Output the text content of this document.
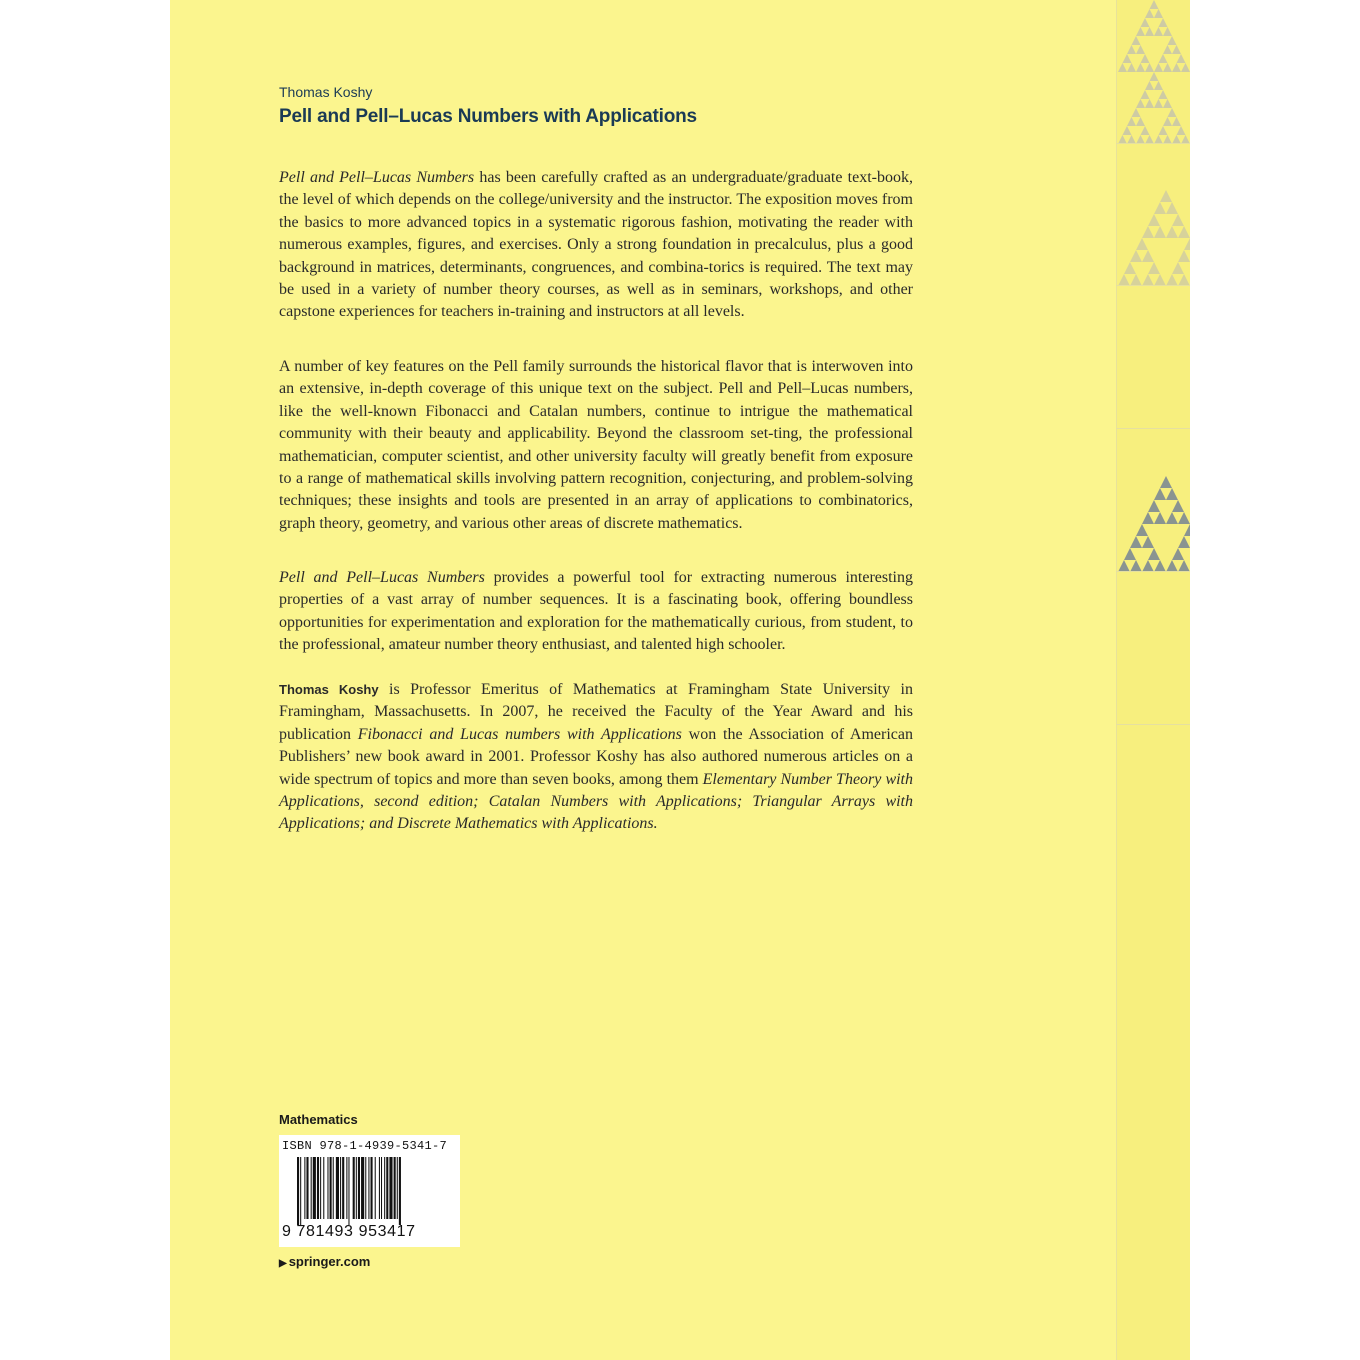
Thomas Koshy
Pell and Pell–Lucas Numbers with Applications

Pell and Pell–Lucas Numbers has been carefully crafted as an undergraduate/graduate text-book, the level of which depends on the college/university and the instructor. The exposition moves from the basics to more advanced topics in a systematic rigorous fashion, motivating the reader with numerous examples, figures, and exercises. Only a strong foundation in precalculus, plus a good background in matrices, determinants, congruences, and combina-torics is required. The text may be used in a variety of number theory courses, as well as in seminars, workshops, and other capstone experiences for teachers in-training and instructors at all levels.

A number of key features on the Pell family surrounds the historical flavor that is interwoven into an extensive, in-depth coverage of this unique text on the subject. Pell and Pell–Lucas numbers, like the well-known Fibonacci and Catalan numbers, continue to intrigue the mathematical community with their beauty and applicability. Beyond the classroom set-ting, the professional mathematician, computer scientist, and other university faculty will greatly benefit from exposure to a range of mathematical skills involving pattern recognition, conjecturing, and problem-solving techniques; these insights and tools are presented in an array of applications to combinatorics, graph theory, geometry, and various other areas of discrete mathematics.

Pell and Pell–Lucas Numbers provides a powerful tool for extracting numerous interesting properties of a vast array of number sequences. It is a fascinating book, offering boundless opportunities for experimentation and exploration for the mathematically curious, from student, to the professional, amateur number theory enthusiast, and talented high schooler.

Thomas Koshy is Professor Emeritus of Mathematics at Framingham State University in Framingham, Massachusetts. In 2007, he received the Faculty of the Year Award and his publication Fibonacci and Lucas numbers with Applications won the Association of American Publishers’ new book award in 2001. Professor Koshy has also authored numerous articles on a wide spectrum of topics and more than seven books, among them Elementary Number Theory with Applications, second edition; Catalan Numbers with Applications; Triangular Arrays with Applications; and Discrete Mathematics with Applications.

Mathematics
ISBN 978-1-4939-5341-7
9 781493 953417
▶ springer.com
